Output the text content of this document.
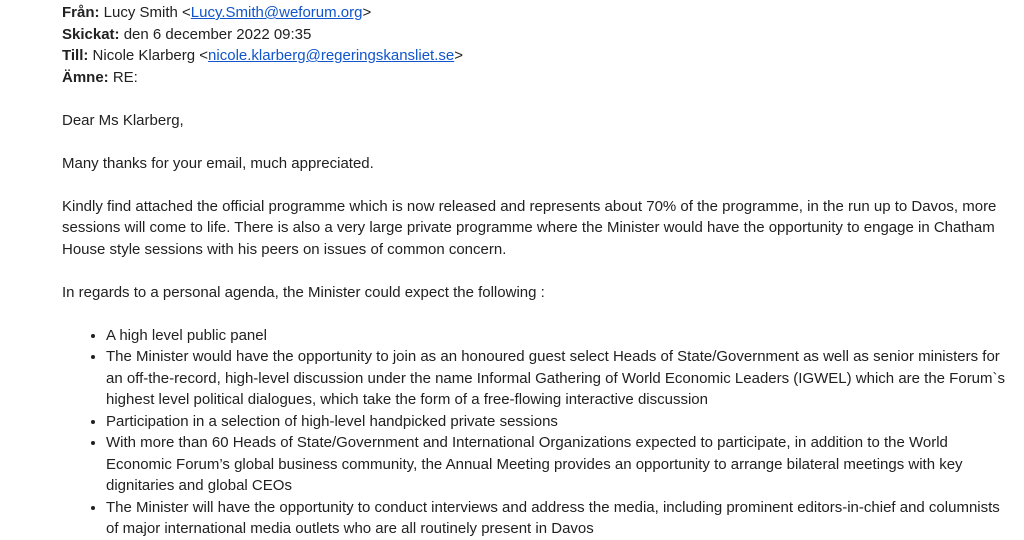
Från: Lucy Smith <Lucy.Smith@weforum.org>
Skickat: den 6 december 2022 09:35
Till: Nicole Klarberg <nicole.klarberg@regeringskansliet.se>
Ämne: RE:

Dear Ms Klarberg,

Many thanks for your email, much appreciated.

Kindly find attached the official programme which is now released and represents about 70% of the programme, in the run up to Davos, more sessions will come to life. There is also a very large private programme where the Minister would have the opportunity to engage in Chatham House style sessions with his peers on issues of common concern.

In regards to a personal agenda, the Minister could expect the following :

• A high level public panel
• The Minister would have the opportunity to join as an honoured guest select Heads of State/Government as well as senior ministers for an off-the-record, high-level discussion under the name Informal Gathering of World Economic Leaders (IGWEL) which are the Forum`s highest level political dialogues, which take the form of a free-flowing interactive discussion
• Participation in a selection of high-level handpicked private sessions
• With more than 60 Heads of State/Government and International Organizations expected to participate, in addition to the World Economic Forum’s global business community, the Annual Meeting provides an opportunity to arrange bilateral meetings with key dignitaries and global CEOs
• The Minister will have the opportunity to conduct interviews and address the media, including prominent editors-in-chief and columnists of major international media outlets who are all routinely present in Davos
